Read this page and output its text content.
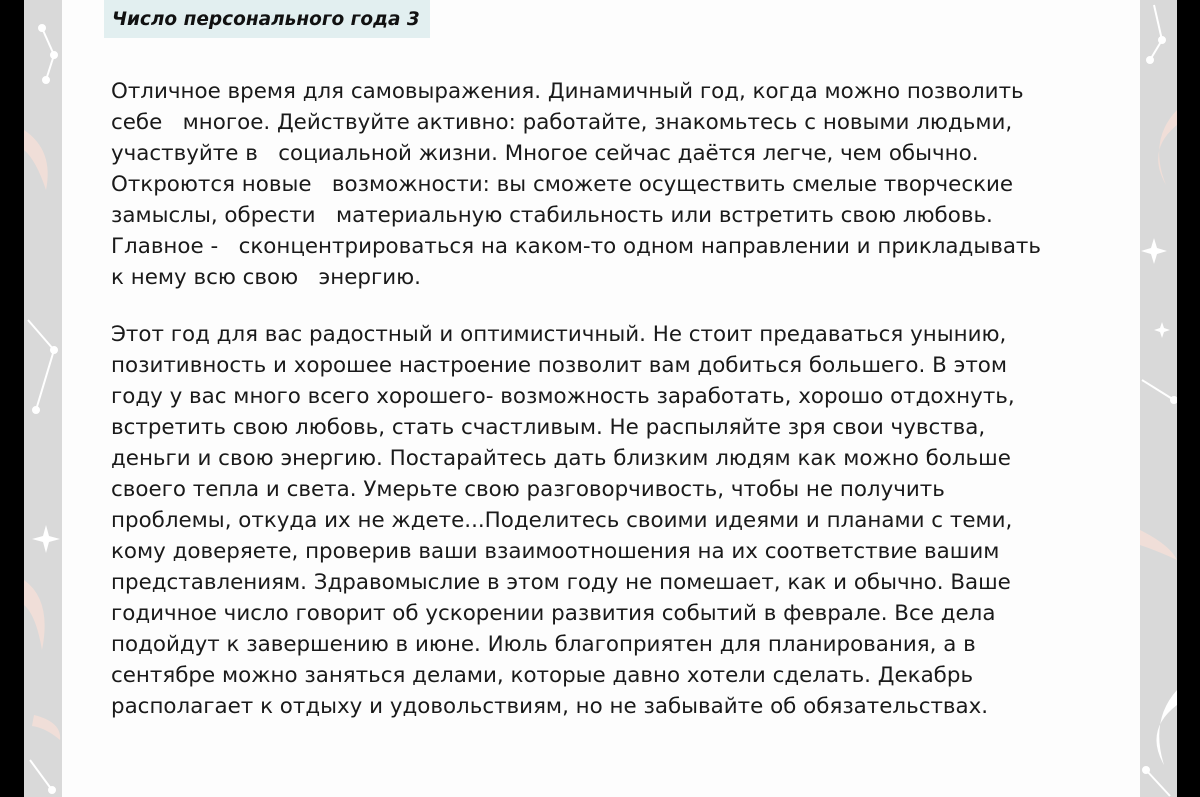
Число персонального года 3

Отличное время для самовыражения. Динамичный год, когда можно позволить
себе   многое. Действуйте активно: работайте, знакомьтесь с новыми людьми,
участвуйте в   социальной жизни. Многое сейчас даётся легче, чем обычно.
Откроются новые   возможности: вы сможете осуществить смелые творческие
замыслы, обрести   материальную стабильность или встретить свою любовь.
Главное -   сконцентрироваться на каком-то одном направлении и прикладывать
к нему всю свою   энергию.

Этот год для вас радостный и оптимистичный. Не стоит предаваться унынию,
позитивность и хорошее настроение позволит вам добиться большего. В этом
году у вас много всего хорошего- возможность заработать, хорошо отдохнуть,
встретить свою любовь, стать счастливым. Не распыляйте зря свои чувства,
деньги и свою энергию. Постарайтесь дать близким людям как можно больше
своего тепла и света. Умерьте свою разговорчивость, чтобы не получить
проблемы, откуда их не ждете...Поделитесь своими идеями и планами с теми,
кому доверяете, проверив ваши взаимоотношения на их соответствие вашим
представлениям. Здравомыслие в этом году не помешает, как и обычно. Ваше
годичное число говорит об ускорении развития событий в феврале. Все дела
подойдут к завершению в июне. Июль благоприятен для планирования, а в
сентябре можно заняться делами, которые давно хотели сделать. Декабрь
располагает к отдыху и удовольствиям, но не забывайте об обязательствах.
